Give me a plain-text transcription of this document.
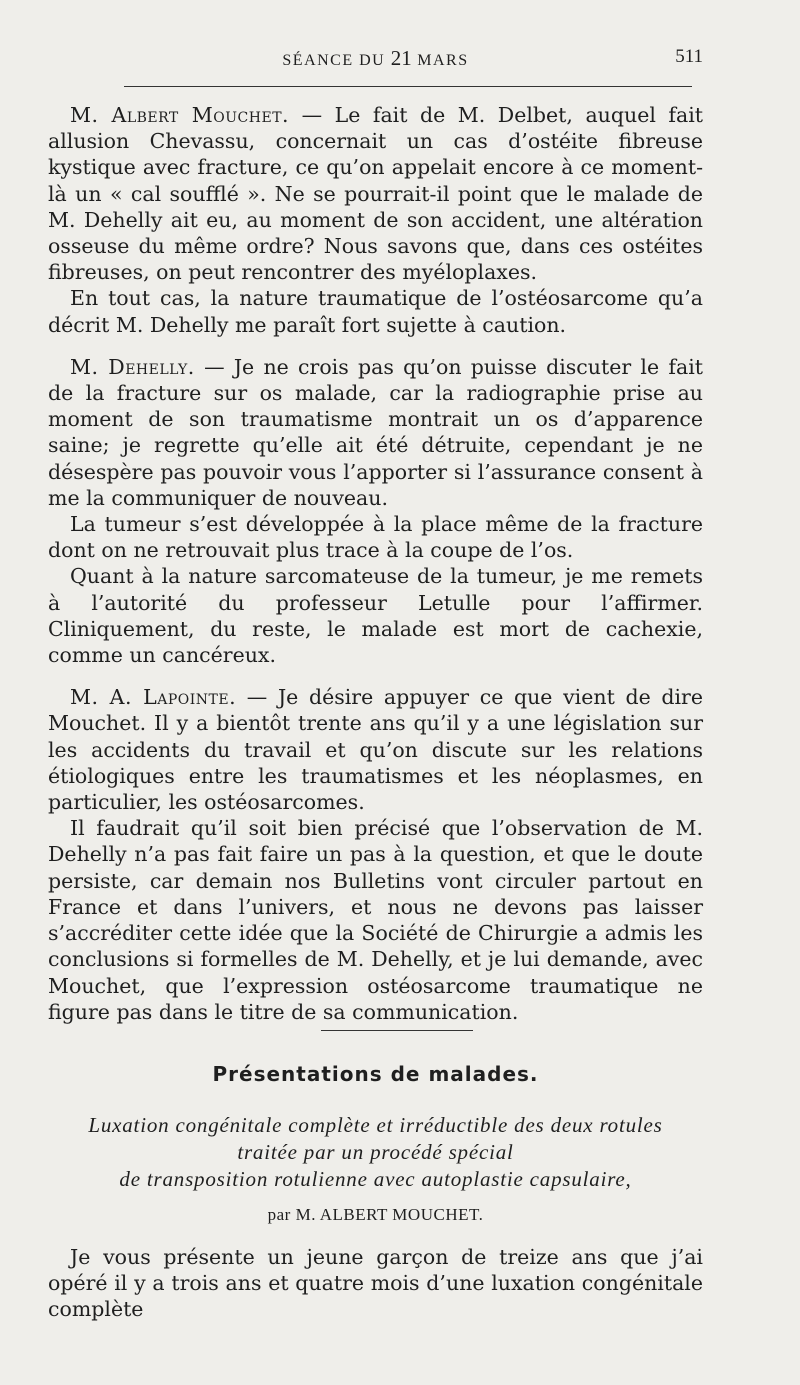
SÉANCE DU 21 MARS	511

M. Albert Mouchet. — Le fait de M. Delbet, auquel fait allusion Chevassu, concernait un cas d’ostéite fibreuse kystique avec fracture, ce qu’on appelait encore à ce moment-là un « cal soufflé ». Ne se pourrait-il point que le malade de M. Dehelly ait eu, au moment de son accident, une altération osseuse du même ordre? Nous savons que, dans ces ostéites fibreuses, on peut rencontrer des myéloplaxes.

En tout cas, la nature traumatique de l’ostéosarcome qu’a décrit M. Dehelly me paraît fort sujette à caution.

M. Dehelly. — Je ne crois pas qu’on puisse discuter le fait de la fracture sur os malade, car la radiographie prise au moment de son traumatisme montrait un os d’apparence saine; je regrette qu’elle ait été détruite, cependant je ne désespère pas pouvoir vous l’apporter si l’assurance consent à me la communiquer de nouveau.

La tumeur s’est développée à la place même de la fracture dont on ne retrouvait plus trace à la coupe de l’os.

Quant à la nature sarcomateuse de la tumeur, je me remets à l’autorité du professeur Letulle pour l’affirmer. Cliniquement, du reste, le malade est mort de cachexie, comme un cancéreux.

M. A. Lapointe. — Je désire appuyer ce que vient de dire Mouchet. Il y a bientôt trente ans qu’il y a une législation sur les accidents du travail et qu’on discute sur les relations étiologiques entre les traumatismes et les néoplasmes, en particulier, les ostéosarcomes.

Il faudrait qu’il soit bien précisé que l’observation de M. Dehelly n’a pas fait faire un pas à la question, et que le doute persiste, car demain nos Bulletins vont circuler partout en France et dans l’univers, et nous ne devons pas laisser s’accréditer cette idée que la Société de Chirurgie a admis les conclusions si formelles de M. Dehelly, et je lui demande, avec Mouchet, que l’expression ostéosarcome traumatique ne figure pas dans le titre de sa communication.

Présentations de malades.
Luxation congénitale complète et irréductible des deux rotules
traitée par un procédé spécial
de transposition rotulienne avec autoplastie capsulaire,
par M. ALBERT MOUCHET.

Je vous présente un jeune garçon de treize ans que j’ai opéré il y a trois ans et quatre mois d’une luxation congénitale complète
